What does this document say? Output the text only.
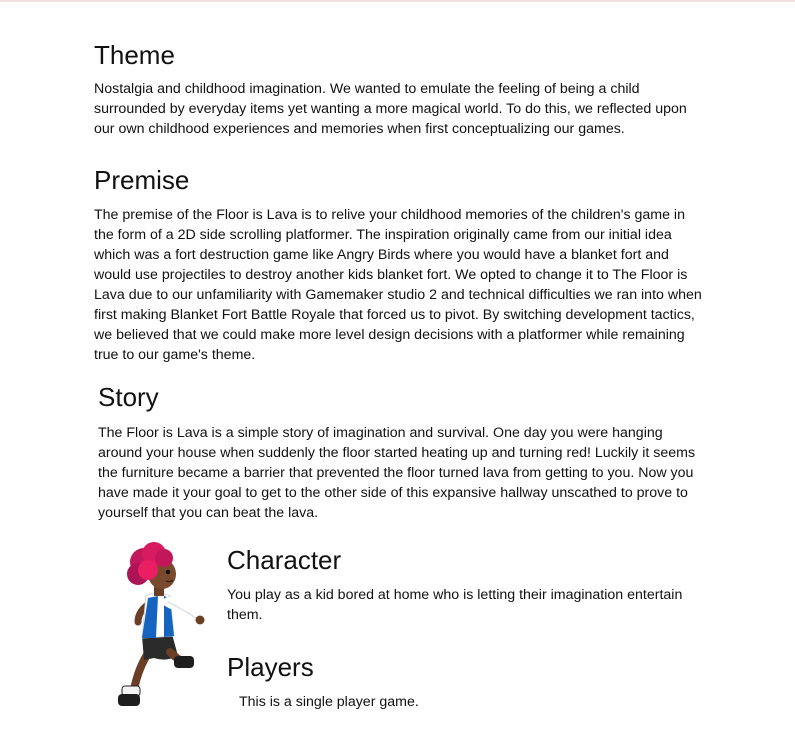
Theme

Nostalgia and childhood imagination. We wanted to emulate the feeling of being a child surrounded by everyday items yet wanting a more magical world. To do this, we reflected upon our own childhood experiences and memories when first conceptualizing our games.

Premise

The premise of the Floor is Lava is to relive your childhood memories of the children's game in the form of a 2D side scrolling platformer. The inspiration originally came from our initial idea which was a fort destruction game like Angry Birds where you would have a blanket fort and would use projectiles to destroy another kids blanket fort. We opted to change it to The Floor is Lava due to our unfamiliarity with Gamemaker studio 2 and technical difficulties we ran into when first making Blanket Fort Battle Royale that forced us to pivot. By switching development tactics, we believed that we could make more level design decisions with a platformer while remaining true to our game's theme.

Story

The Floor is Lava is a simple story of imagination and survival. One day you were hanging around your house when suddenly the floor started heating up and turning red! Luckily it seems the furniture became a barrier that prevented the floor turned lava from getting to you. Now you have made it your goal to get to the other side of this expansive hallway unscathed to prove to yourself that you can beat the lava.

Character

You play as a kid bored at home who is letting their imagination entertain them.

Players

This is a single player game.
